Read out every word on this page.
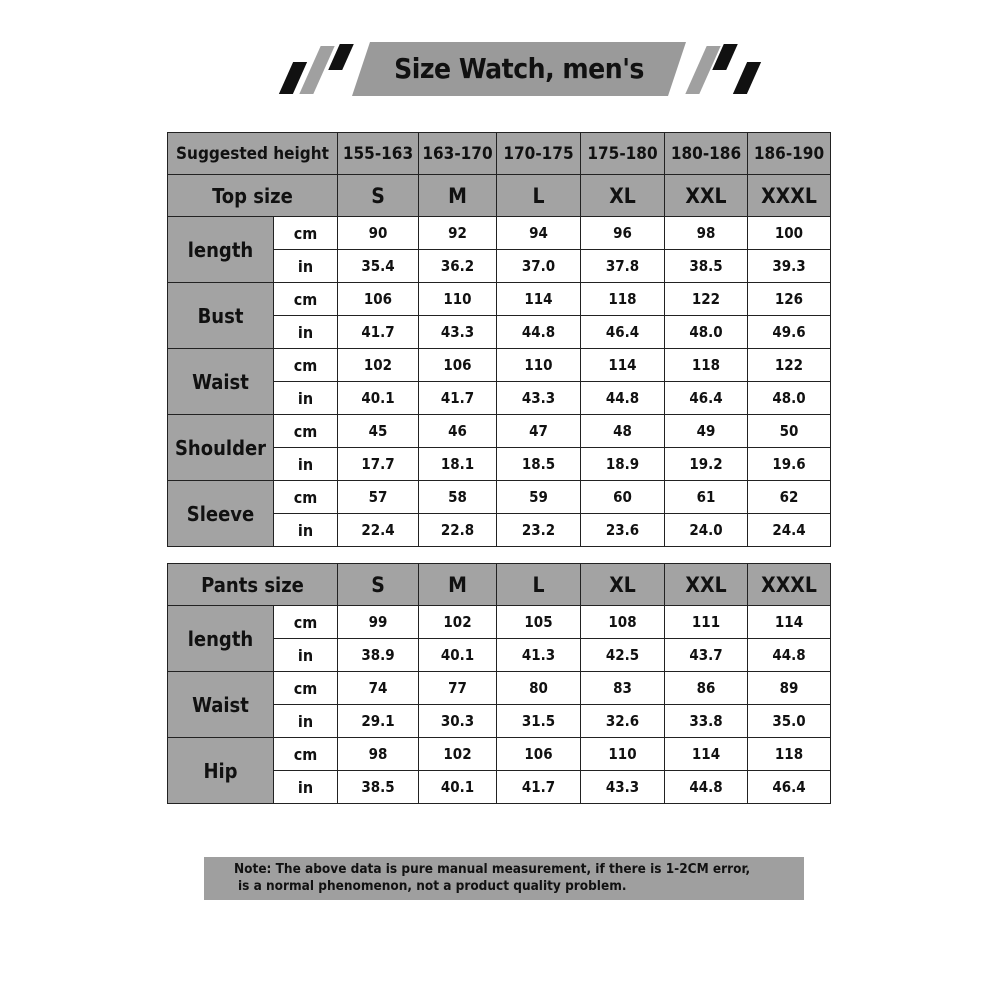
Size Watch, men's
Suggested height		155-163	163-170	170-175	175-180	180-186	186-190
Top size		S	M	L	XL	XXL	XXXL
length	cm	90	92	94	96	98	100
	in	35.4	36.2	37.0	37.8	38.5	39.3
Bust	cm	106	110	114	118	122	126
	in	41.7	43.3	44.8	46.4	48.0	49.6
Waist	cm	102	106	110	114	118	122
	in	40.1	41.7	43.3	44.8	46.4	48.0
Shoulder	cm	45	46	47	48	49	50
	in	17.7	18.1	18.5	18.9	19.2	19.6
Sleeve	cm	57	58	59	60	61	62
	in	22.4	22.8	23.2	23.6	24.0	24.4
Pants size		S	M	L	XL	XXL	XXXL
length	cm	99	102	105	108	111	114
	in	38.9	40.1	41.3	42.5	43.7	44.8
Waist	cm	74	77	80	83	86	89
	in	29.1	30.3	31.5	32.6	33.8	35.0
Hip	cm	98	102	106	110	114	118
	in	38.5	40.1	41.7	43.3	44.8	46.4
Note: The above data is pure manual measurement, if there is 1-2CM error,
is a normal phenomenon, not a product quality problem.
